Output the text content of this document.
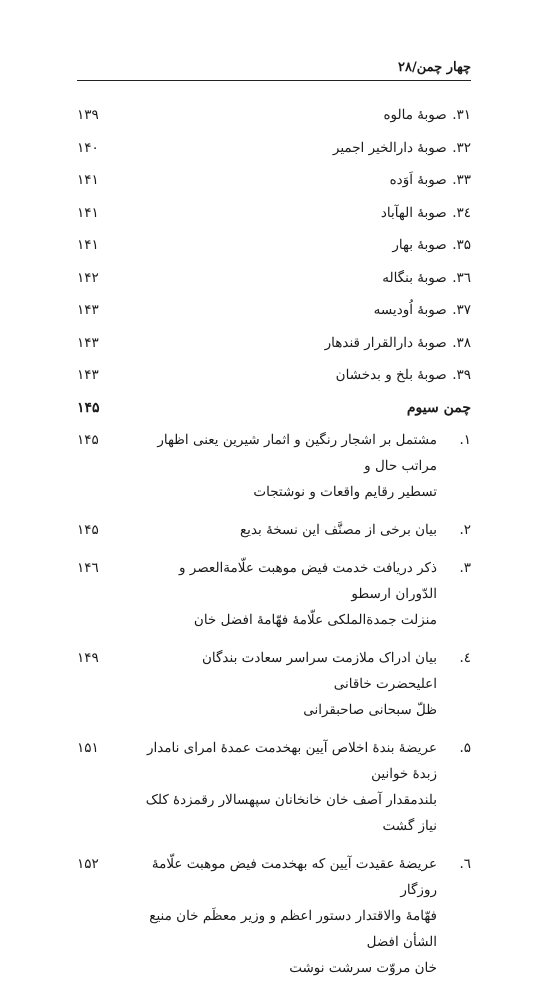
چهار چمن/۲۸
۳۱. صوبهٔ مالوه
۱۳۹
۳۲. صوبهٔ دارالخیر اجمیر
۱۴۰
۳۳. صوبهٔ اَوَده
۱۴۱
۳٤. صوبهٔ الهآباد
۱۴۱
۳۵. صوبهٔ بهار
۱۴۱
۳٦. صوبهٔ بنگاله
۱۴۲
۳۷. صوبهٔ اُودیسه
۱۴۳
۳۸. صوبهٔ دارالقرار قندهار
۱۴۳
۳۹. صوبهٔ بلخ و بدخشان
۱۴۳
چمن سیوم
۱۴۵
۱.
مشتمل بر اشجار رنگین و اثمار شیرین یعنی اظهار مراتب حال و
تسطیر رقایم واقعات و نوشتجات
۱۴۵
۲.
بیان برخی از مصنَّف این نسخهٔ بدیع
۱۴۵
۳.
ذکر دریافت خدمت فیض موهبت علّامةالعصر و الدّوران ارسطو
منزلت جمدةالملکی علّامهٔ فهّامهٔ افضل خان
۱۴٦
٤.
بیان ادراک ملازمت سراسر سعادت بندگان اعلیحضرت خاقانی
ظلّ سبحانی صاحبقرانی
۱۴۹
۵.
عریضهٔ بندهٔ اخلاص آیین بهخدمت عمدهٔ امرای نامدار زبدهٔ خوانین
بلندمقدار آصف خان خانخانان سپهسالار رقمزدهٔ کلک نیاز گشت
۱۵۱
٦.
عریضهٔ عقیدت آیین که بهخدمت فیض موهبت علّامهٔ روزگار
فهّامهٔ والاقتدار دستور اعظم و وزیر معظَم خان منیع الشأن افضل
خان مروّت سرشت نوشت
۱۵۲
